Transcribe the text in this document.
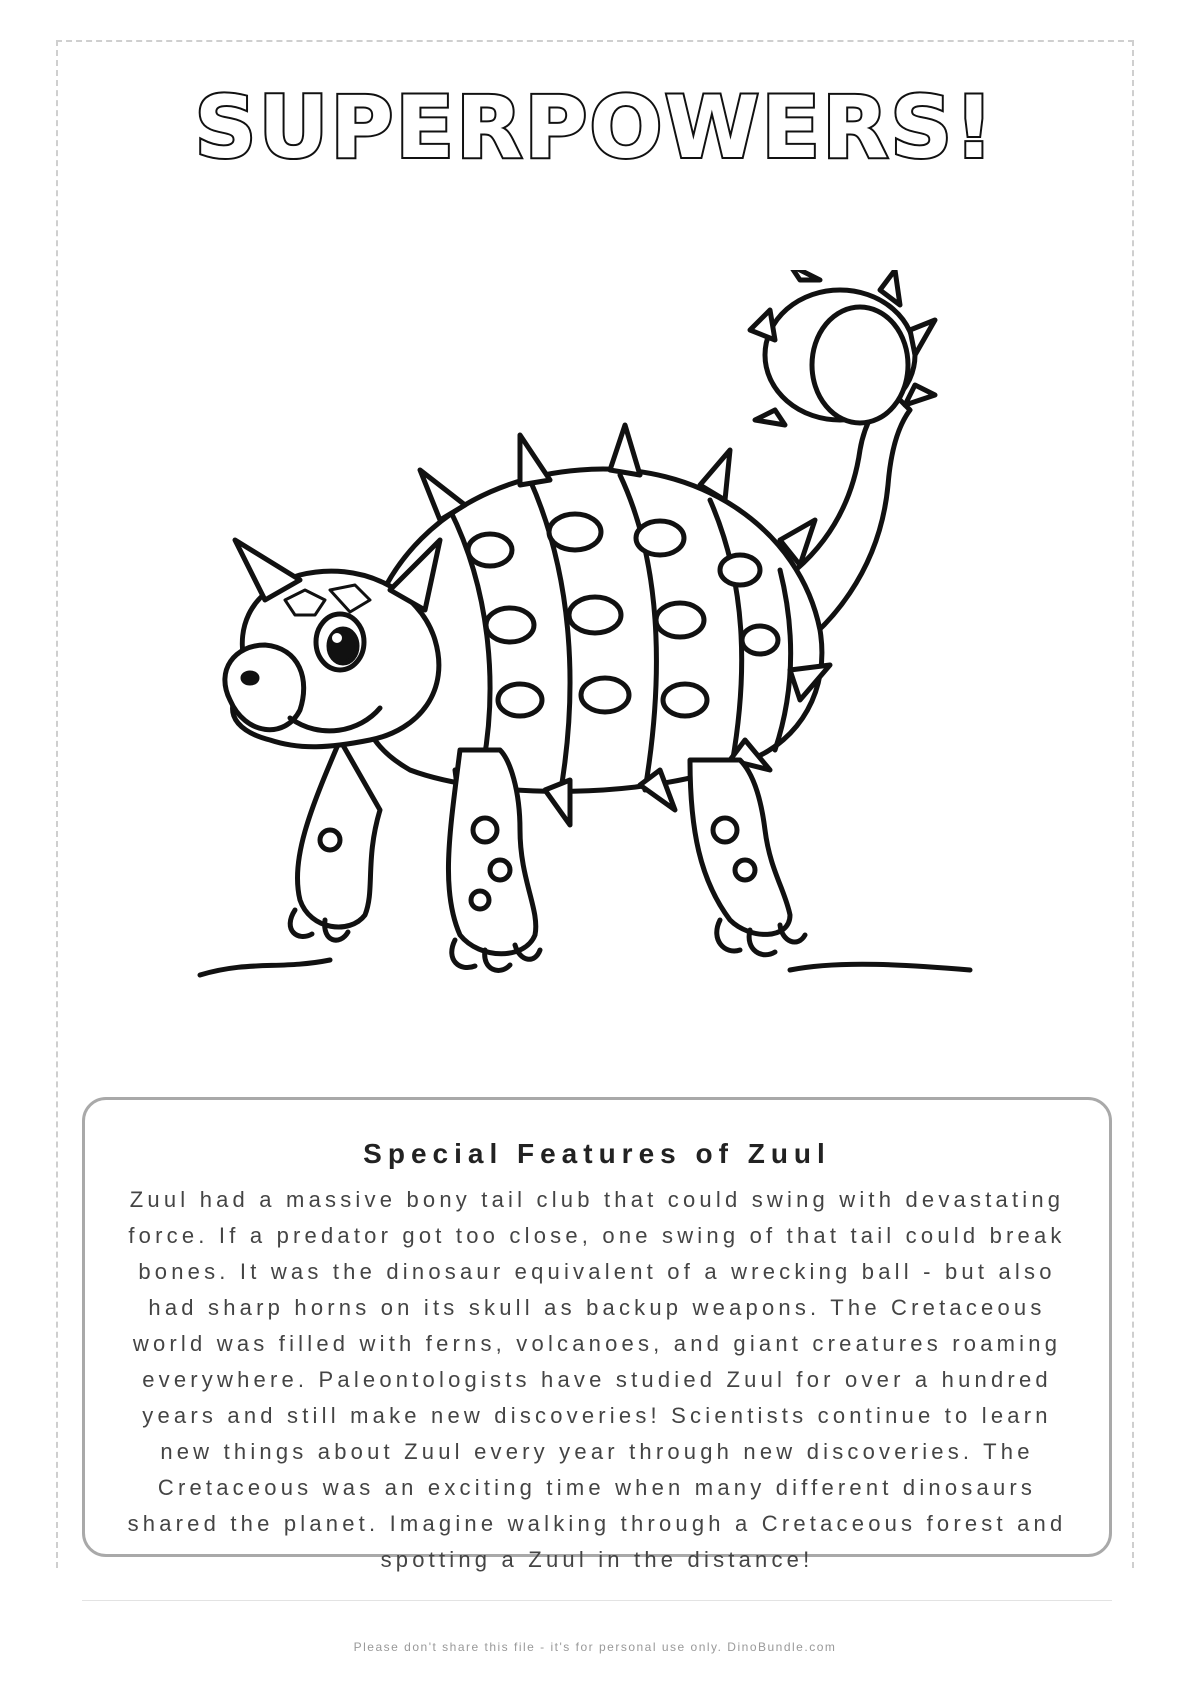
SUPERPOWERS!
Special Features of Zuul
Zuul had a massive bony tail club that could swing with devastating force. If a predator got too close, one swing of that tail could break bones. It was the dinosaur equivalent of a wrecking ball - but also had sharp horns on its skull as backup weapons. The Cretaceous world was filled with ferns, volcanoes, and giant creatures roaming everywhere. Paleontologists have studied Zuul for over a hundred years and still make new discoveries! Scientists continue to learn new things about Zuul every year through new discoveries. The Cretaceous was an exciting time when many different dinosaurs shared the planet. Imagine walking through a Cretaceous forest and spotting a Zuul in the distance!
Please don't share this file - it's for personal use only. DinoBundle.com
